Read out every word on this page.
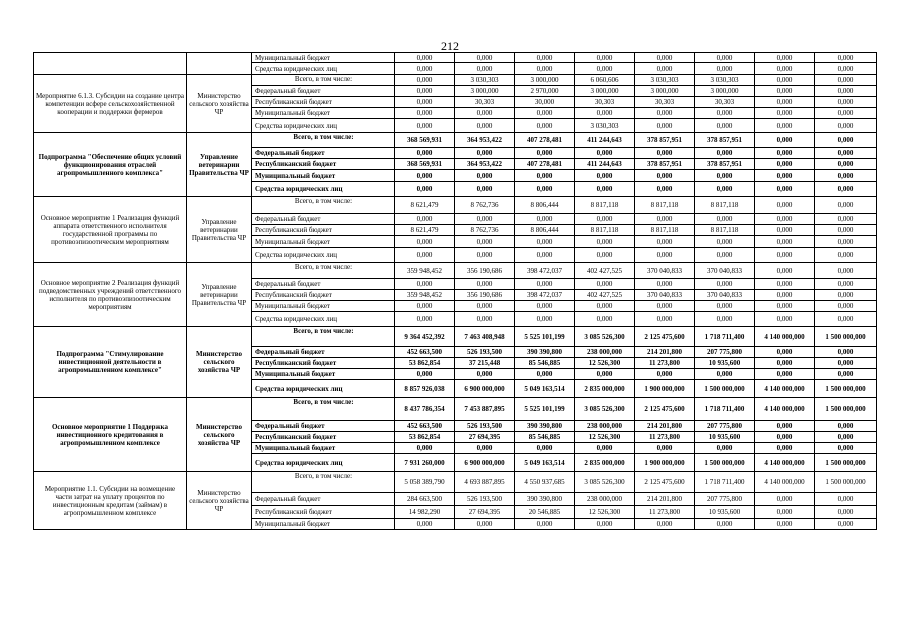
212
		Муниципальный бюджет	0,000	0,000	0,000	0,000	0,000	0,000	0,000	0,000
		Средства юридических лиц	0,000	0,000	0,000	0,000	0,000	0,000	0,000	0,000
Мероприятие 6.1.3. Субсидии на создание центра компетенции всфере сельскохозяйственной кооперации и поддержки фермеров	Министерство сельского хозяйства ЧР	Всего, в том числе:	0,000	3 030,303	3 000,000	6 060,606	3 030,303	3 030,303	0,000	0,000
		Федеральный бюджет	0,000	3 000,000	2 970,000	3 000,000	3 000,000	3 000,000	0,000	0,000
		Республиканский бюджет	0,000	30,303	30,000	30,303	30,303	30,303	0,000	0,000
		Муниципальный бюджет	0,000	0,000	0,000	0,000	0,000	0,000	0,000	0,000
		Средства юридических лиц	0,000	0,000	0,000	3 030,303	0,000	0,000	0,000	0,000
Подпрограмма "Обеспечение общих условий функционирования отраслей агропромышленного комплекса"	Управление ветеринарии Правительства ЧР	Всего, в том числе:	368 569,931	364 953,422	407 278,481	411 244,643	378 857,951	378 857,951	0,000	0,000
		Федеральный бюджет	0,000	0,000	0,000	0,000	0,000	0,000	0,000	0,000
		Республиканский бюджет	368 569,931	364 953,422	407 278,481	411 244,643	378 857,951	378 857,951	0,000	0,000
		Муниципальный бюджет	0,000	0,000	0,000	0,000	0,000	0,000	0,000	0,000
		Средства юридических лиц	0,000	0,000	0,000	0,000	0,000	0,000	0,000	0,000
Основное мероприятие 1 Реализация функций аппарата ответственного исполнителя государственной программы по противоэпизоотическим мероприятиям	Управление ветеринарии Правительства ЧР	Всего, в том числе:	8 621,479	8 762,736	8 806,444	8 817,118	8 817,118	8 817,118	0,000	0,000
		Федеральный бюджет	0,000	0,000	0,000	0,000	0,000	0,000	0,000	0,000
		Республиканский бюджет	8 621,479	8 762,736	8 806,444	8 817,118	8 817,118	8 817,118	0,000	0,000
		Муниципальный бюджет	0,000	0,000	0,000	0,000	0,000	0,000	0,000	0,000
		Средства юридических лиц	0,000	0,000	0,000	0,000	0,000	0,000	0,000	0,000
Основное мероприятие 2 Реализация функций подведомственных учреждений ответственного исполнителя по противоэпизоотическим мероприятиям	Управление ветеринарии Правительства ЧР	Всего, в том числе:	359 948,452	356 190,686	398 472,037	402 427,525	370 040,833	370 040,833	0,000	0,000
		Федеральный бюджет	0,000	0,000	0,000	0,000	0,000	0,000	0,000	0,000
		Республиканский бюджет	359 948,452	356 190,686	398 472,037	402 427,525	370 040,833	370 040,833	0,000	0,000
		Муниципальный бюджет	0,000	0,000	0,000	0,000	0,000	0,000	0,000	0,000
		Средства юридических лиц	0,000	0,000	0,000	0,000	0,000	0,000	0,000	0,000
Подпрограмма "Стимулирование инвестиционной деятельности в агропромышленном комплексе"	Министерство сельского хозяйства ЧР	Всего, в том числе:	9 364 452,392	7 463 408,948	5 525 101,199	3 085 526,300	2 125 475,600	1 718 711,400	4 140 000,000	1 500 000,000
		Федеральный бюджет	452 663,500	526 193,500	390 390,800	238 000,000	214 201,800	207 775,800	0,000	0,000
		Республиканский бюджет	53 862,854	37 215,448	85 546,885	12 526,300	11 273,800	10 935,600	0,000	0,000
		Муниципальный бюджет	0,000	0,000	0,000	0,000	0,000	0,000	0,000	0,000
		Средства юридических лиц	8 857 926,038	6 900 000,000	5 049 163,514	2 835 000,000	1 900 000,000	1 500 000,000	4 140 000,000	1 500 000,000
Основное мероприятие 1 Поддержка инвестиционного кредитования в агропромышленном комплексе	Министерство сельского хозяйства ЧР	Всего, в том числе:	8 437 786,354	7 453 887,895	5 525 101,199	3 085 526,300	2 125 475,600	1 718 711,400	4 140 000,000	1 500 000,000
		Федеральный бюджет	452 663,500	526 193,500	390 390,800	238 000,000	214 201,800	207 775,800	0,000	0,000
		Республиканский бюджет	53 862,854	27 694,395	85 546,885	12 526,300	11 273,800	10 935,600	0,000	0,000
		Муниципальный бюджет	0,000	0,000	0,000	0,000	0,000	0,000	0,000	0,000
		Средства юридических лиц	7 931 260,000	6 900 000,000	5 049 163,514	2 835 000,000	1 900 000,000	1 500 000,000	4 140 000,000	1 500 000,000
Мероприятие 1.1. Субсидии на возмещение части затрат на уплату процентов по инвестиционным кредитам (займам) в агропромышленном комплексе	Министерство сельского хозяйства ЧР	Всего, в том числе:	5 058 389,790	4 693 887,895	4 550 937,685	3 085 526,300	2 125 475,600	1 718 711,400	4 140 000,000	1 500 000,000
		Федеральный бюджет	284 663,500	526 193,500	390 390,800	238 000,000	214 201,800	207 775,800	0,000	0,000
		Республиканский бюджет	14 982,290	27 694,395	20 546,885	12 526,300	11 273,800	10 935,600	0,000	0,000
		Муниципальный бюджет	0,000	0,000	0,000	0,000	0,000	0,000	0,000	0,000
